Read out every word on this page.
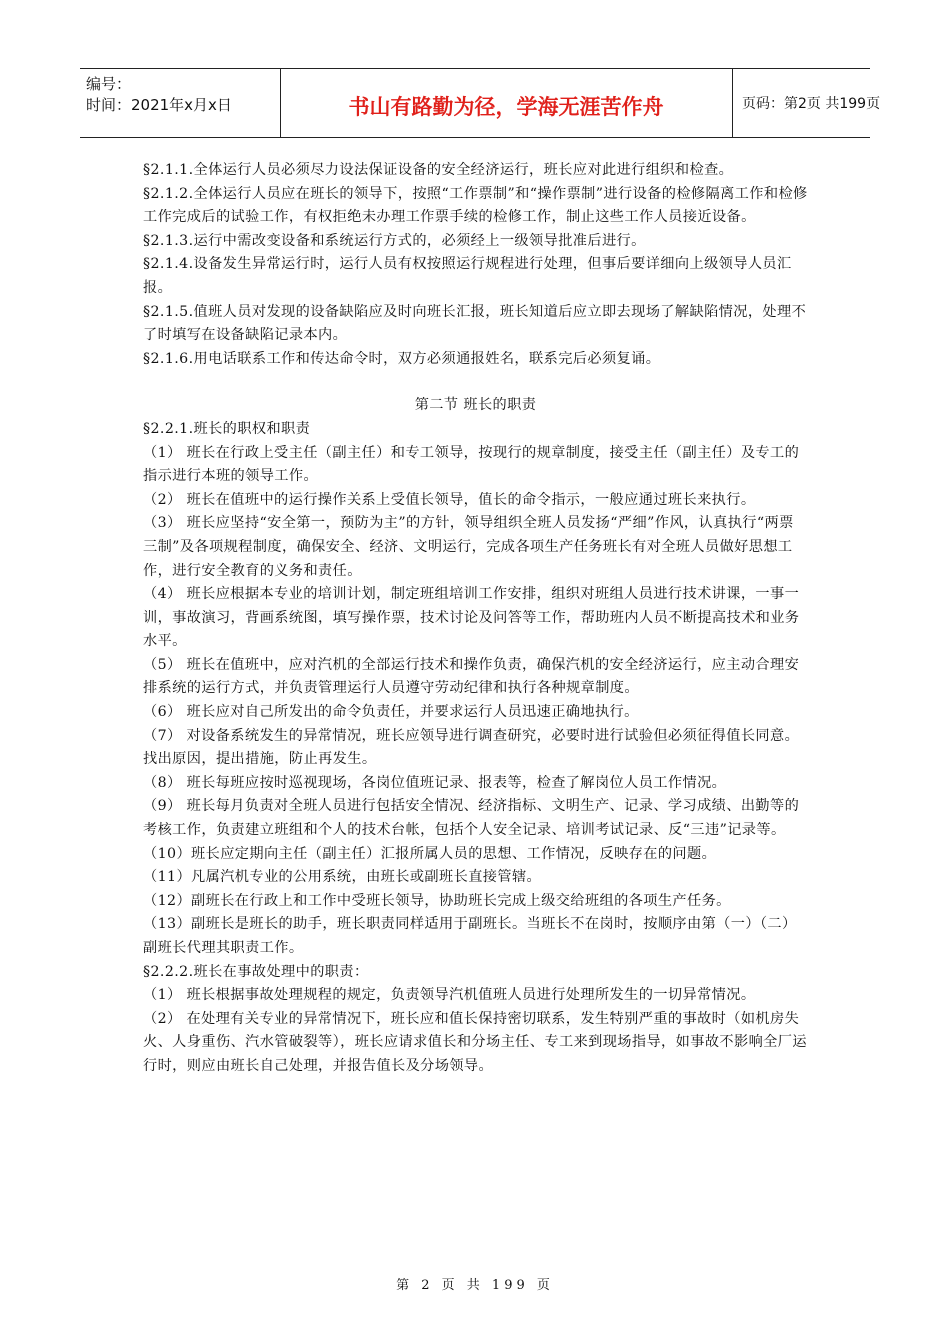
编号：
时间：2021年x月x日	书山有路勤为径，学海无涯苦作舟	页码：第2页 共199页

§2.1.1.全体运行人员必须尽力设法保证设备的安全经济运行，班长应对此进行组织和检查。

§2.1.2.全体运行人员应在班长的领导下，按照“工作票制”和“操作票制”进行设备的检修隔离工作和检修工作完成后的试验工作，有权拒绝未办理工作票手续的检修工作，制止这些工作人员接近设备。

§2.1.3.运行中需改变设备和系统运行方式的，必须经上一级领导批准后进行。

§2.1.4.设备发生异常运行时，运行人员有权按照运行规程进行处理，但事后要详细向上级领导人员汇报。

§2.1.5.值班人员对发现的设备缺陷应及时向班长汇报，班长知道后应立即去现场了解缺陷情况，处理不了时填写在设备缺陷记录本内。

§2.1.6.用电话联系工作和传达命令时，双方必须通报姓名，联系完后必须复诵。

第二节 班长的职责

§2.2.1.班长的职权和职责

（1） 班长在行政上受主任（副主任）和专工领导，按现行的规章制度，接受主任（副主任）及专工的指示进行本班的领导工作。

（2） 班长在值班中的运行操作关系上受值长领导，值长的命令指示，一般应通过班长来执行。

（3） 班长应坚持“安全第一，预防为主”的方针，领导组织全班人员发扬“严细”作风，认真执行“两票三制”及各项规程制度，确保安全、经济、文明运行，完成各项生产任务班长有对全班人员做好思想工作，进行安全教育的义务和责任。

（4） 班长应根据本专业的培训计划，制定班组培训工作安排，组织对班组人员进行技术讲课，一事一训，事故演习，背画系统图，填写操作票，技术讨论及问答等工作，帮助班内人员不断提高技术和业务水平。

（5） 班长在值班中，应对汽机的全部运行技术和操作负责，确保汽机的安全经济运行，应主动合理安排系统的运行方式，并负责管理运行人员遵守劳动纪律和执行各种规章制度。

（6） 班长应对自己所发出的命令负责任，并要求运行人员迅速正确地执行。

（7） 对设备系统发生的异常情况，班长应领导进行调查研究，必要时进行试验但必须征得值长同意。找出原因，提出措施，防止再发生。

（8） 班长每班应按时巡视现场，各岗位值班记录、报表等，检查了解岗位人员工作情况。

（9） 班长每月负责对全班人员进行包括安全情况、经济指标、文明生产、记录、学习成绩、出勤等的考核工作，负责建立班组和个人的技术台帐，包括个人安全记录、培训考试记录、反“三违”记录等。

（10）班长应定期向主任（副主任）汇报所属人员的思想、工作情况，反映存在的问题。

（11）凡属汽机专业的公用系统，由班长或副班长直接管辖。

（12）副班长在行政上和工作中受班长领导，协助班长完成上级交给班组的各项生产任务。

（13）副班长是班长的助手，班长职责同样适用于副班长。当班长不在岗时，按顺序由第（一）（二）副班长代理其职责工作。

§2.2.2.班长在事故处理中的职责：

（1） 班长根据事故处理规程的规定，负责领导汽机值班人员进行处理所发生的一切异常情况。

（2） 在处理有关专业的异常情况下，班长应和值长保持密切联系，发生特别严重的事故时（如机房失火、人身重伤、汽水管破裂等），班长应请求值长和分场主任、专工来到现场指导，如事故不影响全厂运行时，则应由班长自己处理，并报告值长及分场领导。

第 2 页 共 199 页
